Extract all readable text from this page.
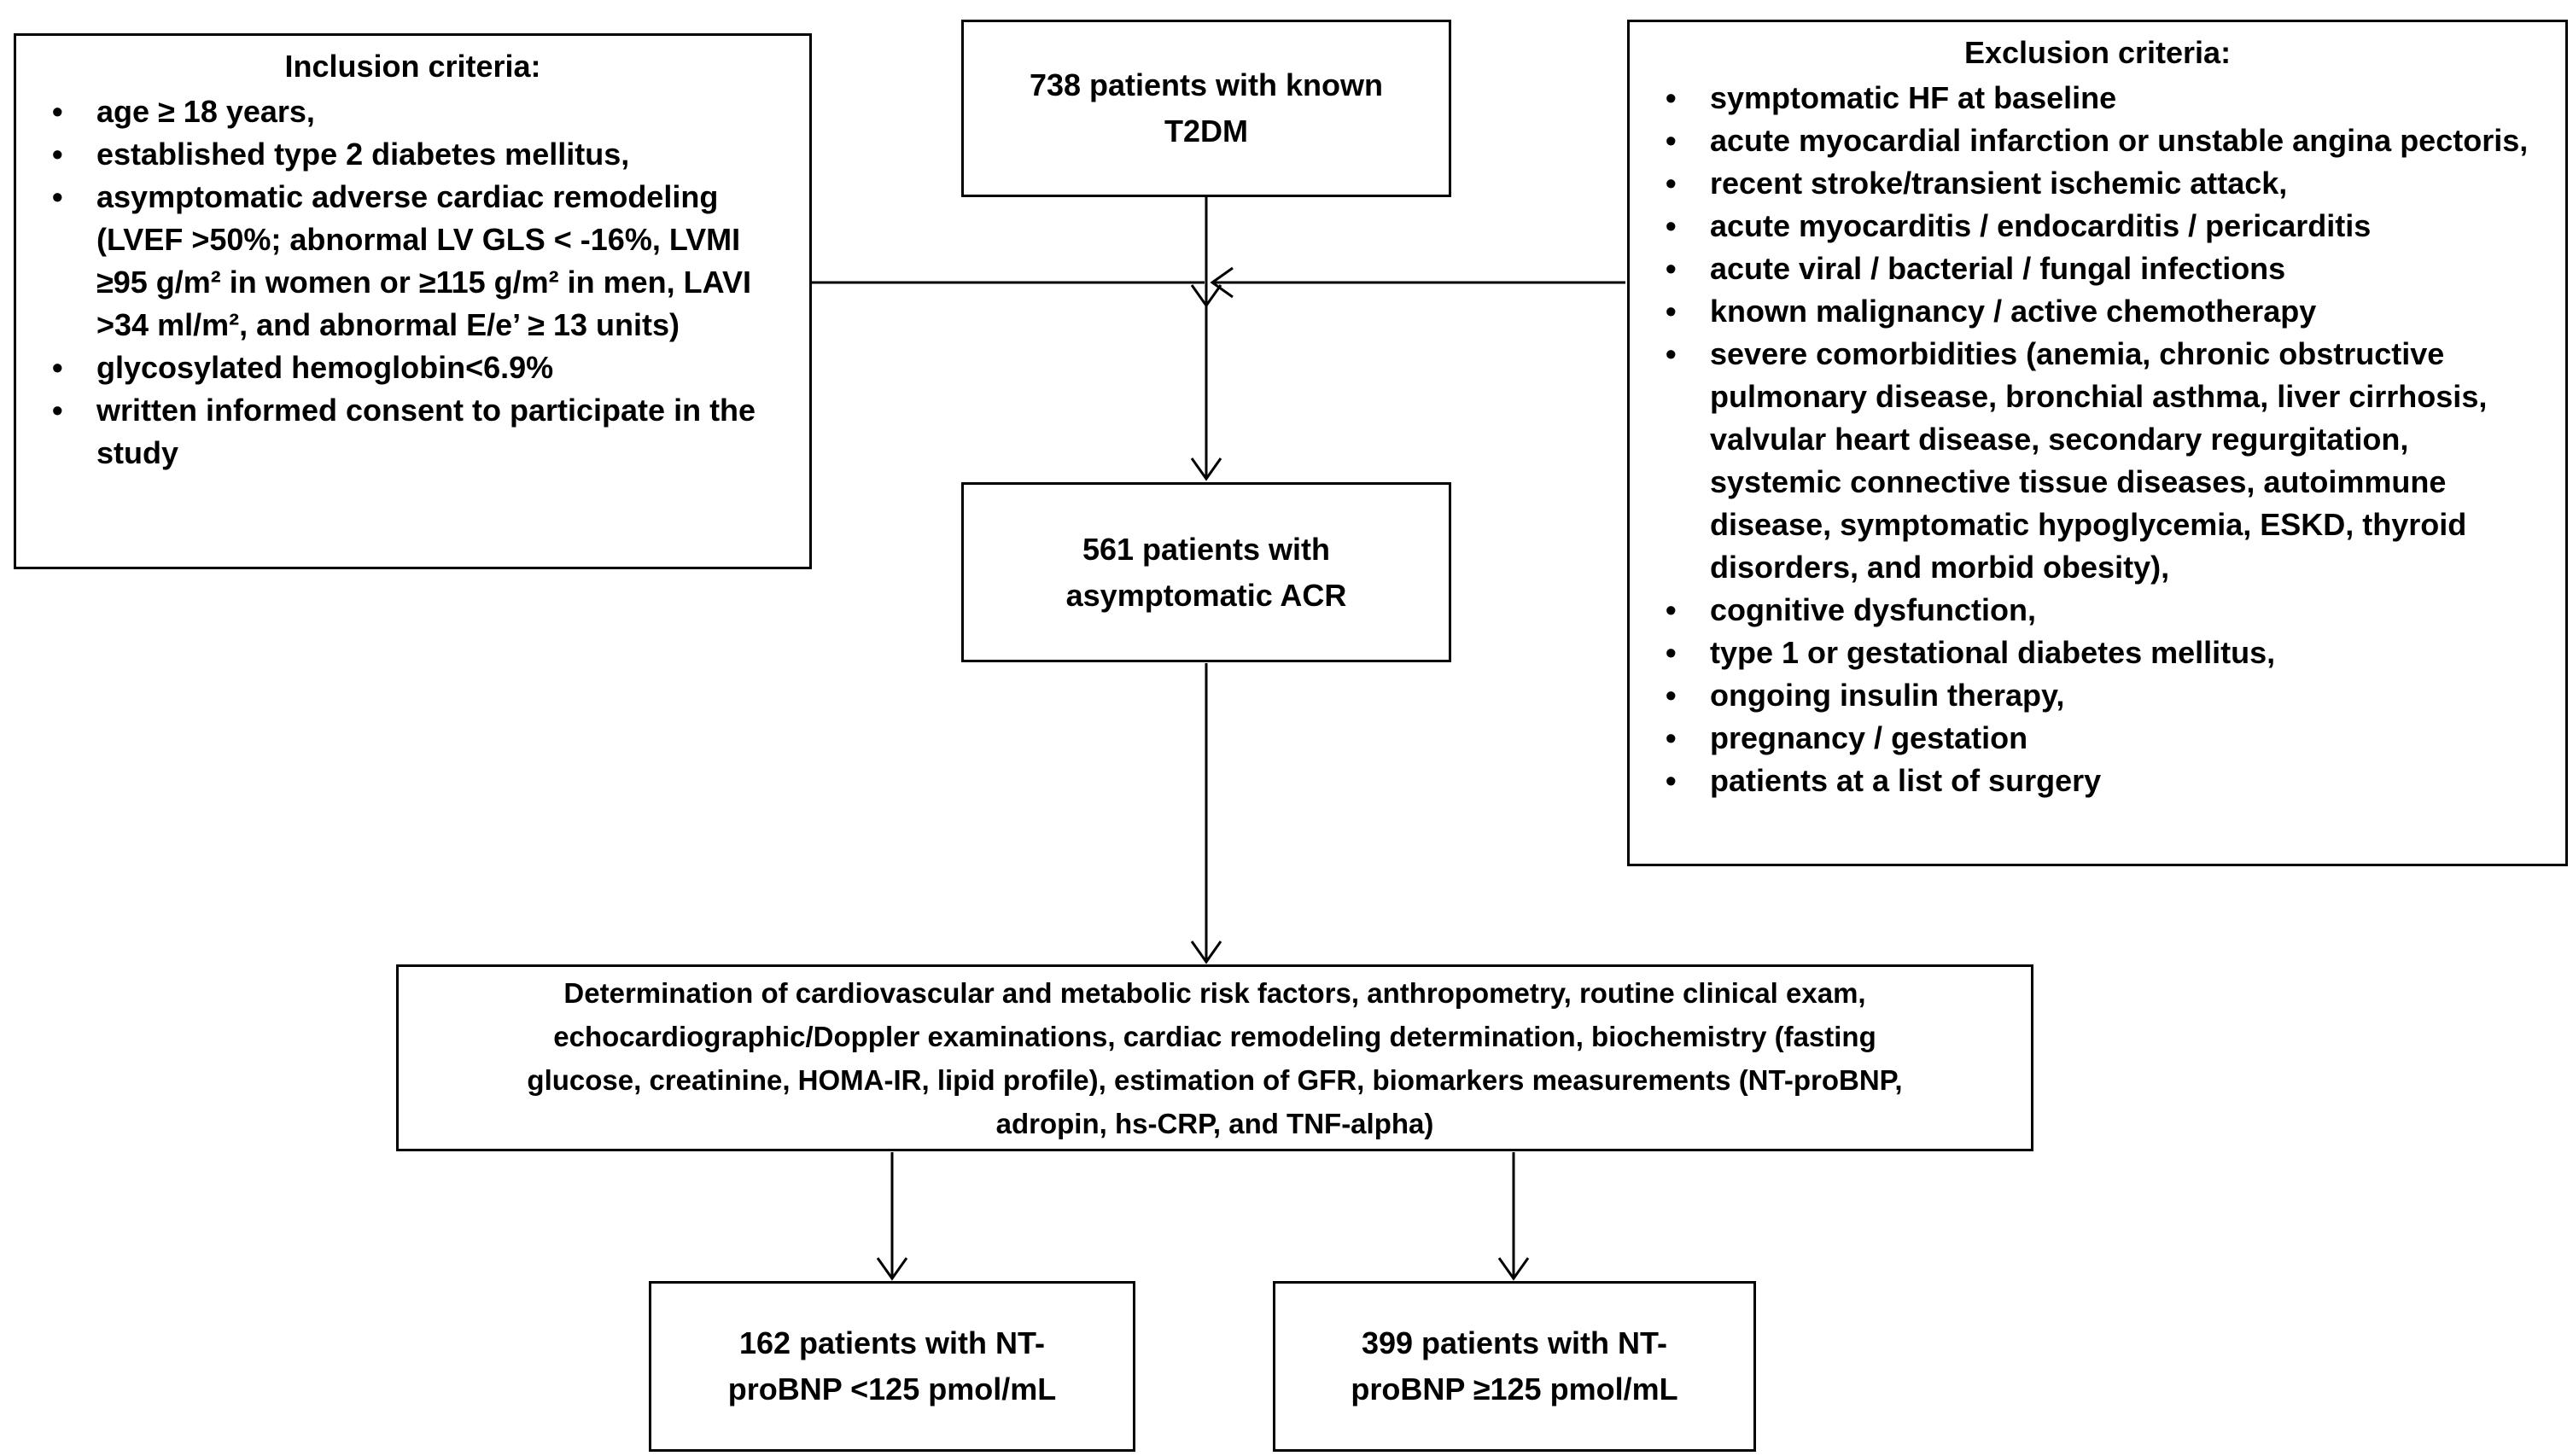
Inclusion criteria:
• age ≥ 18 years,
• established type 2 diabetes mellitus,
• asymptomatic adverse cardiac remodeling (LVEF >50%; abnormal LV GLS < -16%, LVMI ≥95 g/m² in women or ≥115 g/m² in men, LAVI >34 ml/m², and abnormal E/e’ ≥ 13 units)
• glycosylated hemoglobin<6.9%
• written informed consent to participate in the study
738 patients with known
T2DM
Exclusion criteria:
• symptomatic HF at baseline
• acute myocardial infarction or unstable angina pectoris,
• recent stroke/transient ischemic attack,
• acute myocarditis / endocarditis / pericarditis
• acute viral / bacterial / fungal infections
• known malignancy / active chemotherapy
• severe comorbidities (anemia, chronic obstructive pulmonary disease, bronchial asthma, liver cirrhosis, valvular heart disease, secondary regurgitation, systemic connective tissue diseases, autoimmune disease, symptomatic hypoglycemia, ESKD, thyroid disorders, and morbid obesity),
• cognitive dysfunction,
• type 1 or gestational diabetes mellitus,
• ongoing insulin therapy,
• pregnancy / gestation
• patients at a list of surgery
561 patients with
asymptomatic ACR
Determination of cardiovascular and metabolic risk factors, anthropometry, routine clinical exam,
echocardiographic/Doppler examinations, cardiac remodeling determination, biochemistry (fasting
glucose, creatinine, HOMA-IR, lipid profile), estimation of GFR, biomarkers measurements (NT-proBNP,
adropin, hs-CRP, and TNF-alpha)
162 patients with NT-
proBNP <125 pmol/mL
399 patients with NT-
proBNP ≥125 pmol/mL
